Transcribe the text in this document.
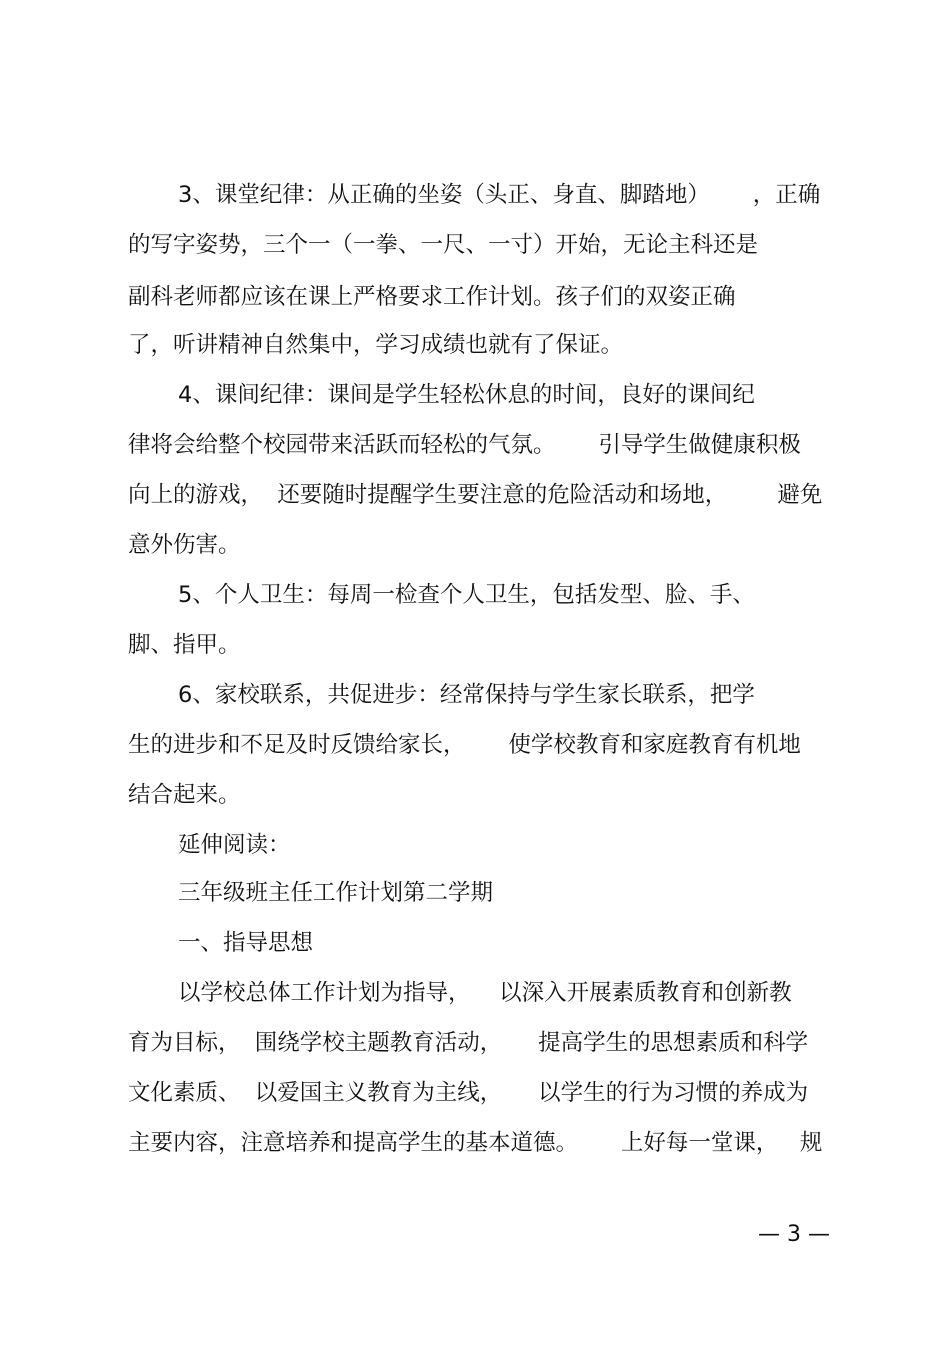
3、课堂纪律：从正确的坐姿（头正、身直、脚踏地）      ，正确

的写字姿势，三个一（一拳、一尺、一寸）开始，无论主科还是

副科老师都应该在课上严格要求工作计划。孩子们的双姿正确

了，听讲精神自然集中，学习成绩也就有了保证。

4、课间纪律：课间是学生轻松休息的时间，良好的课间纪

律将会给整个校园带来活跃而轻松的气氛。      引导学生做健康积极

向上的游戏，  还要随时提醒学生要注意的危险活动和场地，       避免

意外伤害。

5、个人卫生：每周一检查个人卫生，包括发型、脸、手、

脚、指甲。

6、家校联系，共促进步：经常保持与学生家长联系，把学

生的进步和不足及时反馈给家长，      使学校教育和家庭教育有机地

结合起来。

延伸阅读：

三年级班主任工作计划第二学期

一、指导思想

以学校总体工作计划为指导，    以深入开展素质教育和创新教

育为目标，  围绕学校主题教育活动，     提高学生的思想素质和科学

文化素质、  以爱国主义教育为主线，     以学生的行为习惯的养成为

主要内容，注意培养和提高学生的基本道德。      上好每一堂课，   规

— 3 —
